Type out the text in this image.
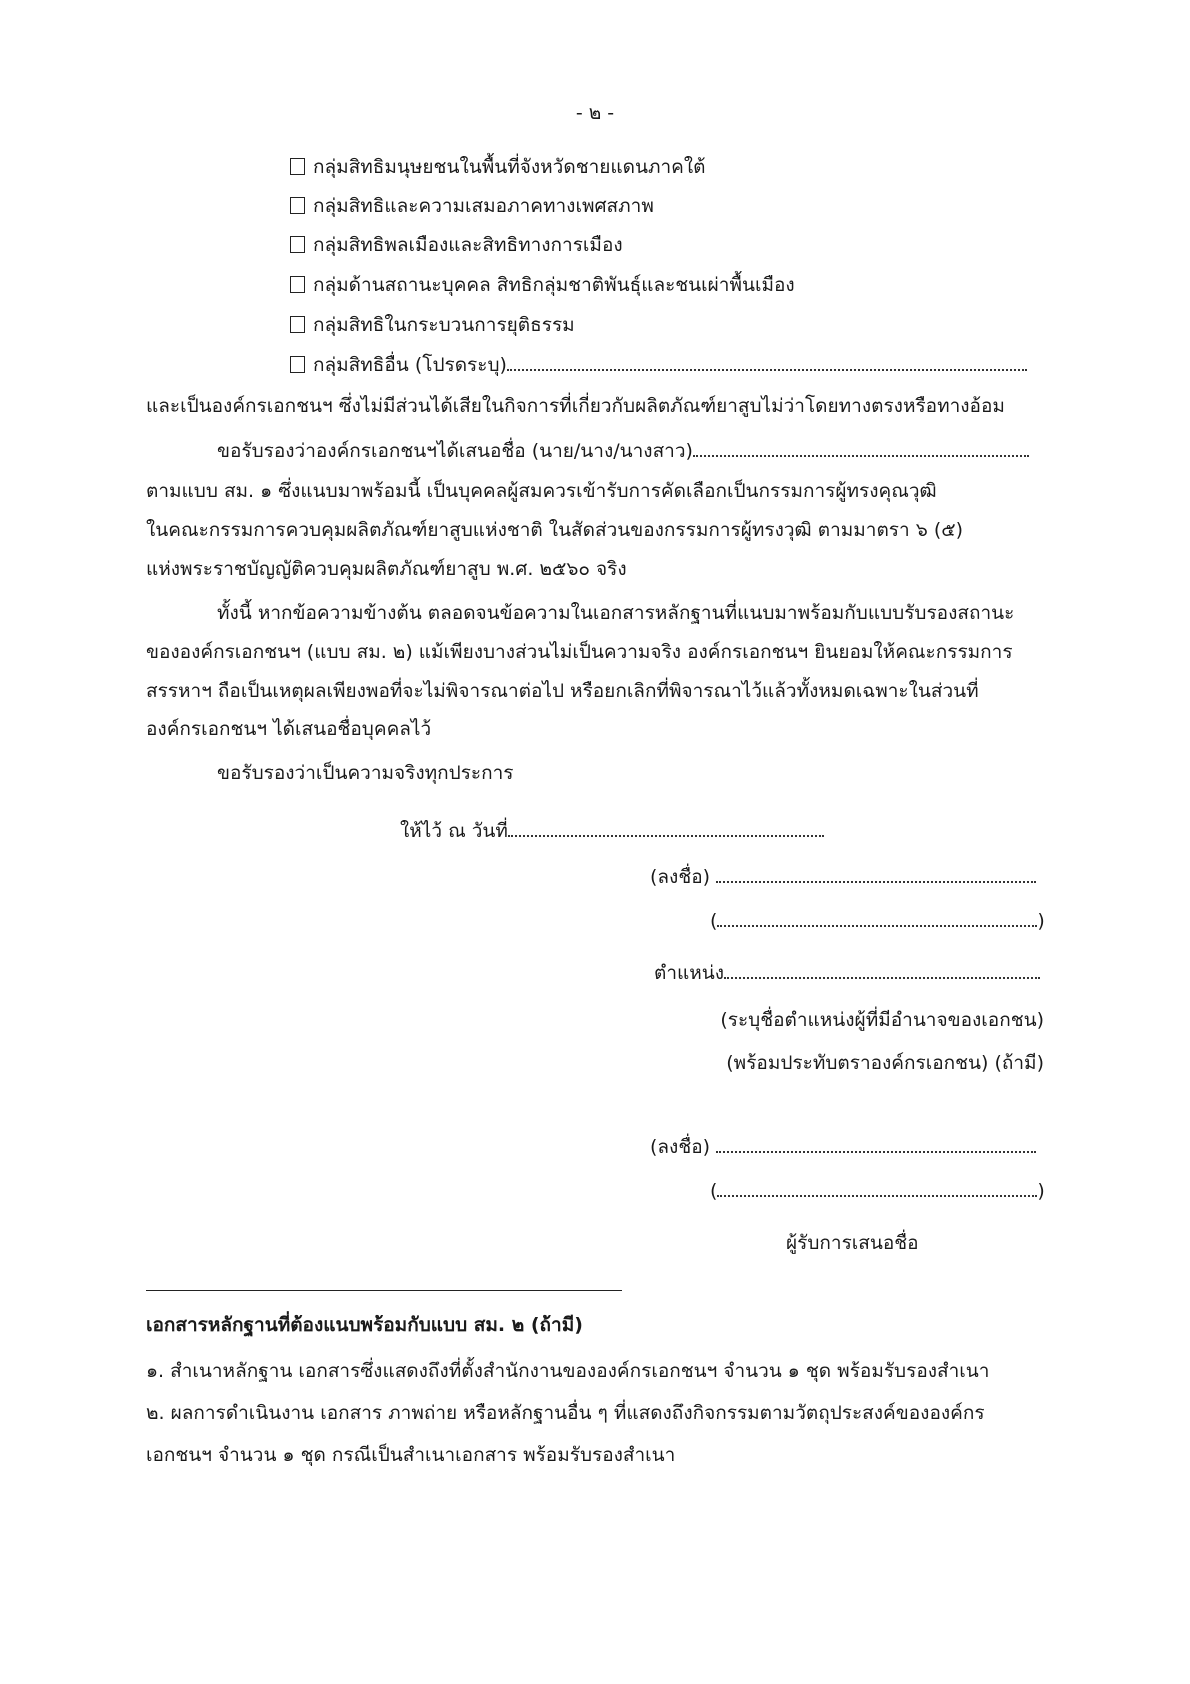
- ๒ -
กลุ่มสิทธิมนุษยชนในพื้นที่จังหวัดชายแดนภาคใต้
กลุ่มสิทธิและความเสมอภาคทางเพศสภาพ
กลุ่มสิทธิพลเมืองและสิทธิทางการเมือง
กลุ่มด้านสถานะบุคคล สิทธิกลุ่มชาติพันธุ์และชนเผ่าพื้นเมือง
กลุ่มสิทธิในกระบวนการยุติธรรม
กลุ่มสิทธิอื่น (โปรดระบุ)
และเป็นองค์กรเอกชนฯ ซึ่งไม่มีส่วนได้เสียในกิจการที่เกี่ยวกับผลิตภัณฑ์ยาสูบไม่ว่าโดยทางตรงหรือทางอ้อม
ขอรับรองว่าองค์กรเอกชนฯได้เสนอชื่อ (นาย/นาง/นางสาว)
ตามแบบ สม. ๑ ซึ่งแนบมาพร้อมนี้ เป็นบุคคลผู้สมควรเข้ารับการคัดเลือกเป็นกรรมการผู้ทรงคุณวุฒิ
ในคณะกรรมการควบคุมผลิตภัณฑ์ยาสูบแห่งชาติ ในสัดส่วนของกรรมการผู้ทรงวุฒิ ตามมาตรา ๖ (๕)
แห่งพระราชบัญญัติควบคุมผลิตภัณฑ์ยาสูบ พ.ศ. ๒๕๖๐ จริง
ทั้งนี้ หากข้อความข้างต้น ตลอดจนข้อความในเอกสารหลักฐานที่แนบมาพร้อมกับแบบรับรองสถานะ
ขององค์กรเอกชนฯ (แบบ สม. ๒) แม้เพียงบางส่วนไม่เป็นความจริง องค์กรเอกชนฯ ยินยอมให้คณะกรรมการ
สรรหาฯ ถือเป็นเหตุผลเพียงพอที่จะไม่พิจารณาต่อไป หรือยกเลิกที่พิจารณาไว้แล้วทั้งหมดเฉพาะในส่วนที่
องค์กรเอกชนฯ ได้เสนอชื่อบุคคลไว้
ขอรับรองว่าเป็นความจริงทุกประการ
ให้ไว้ ณ วันที่
(ลงชื่อ)
(	)
ตำแหน่ง
(ระบุชื่อตำแหน่งผู้ที่มีอำนาจของเอกชน)
(พร้อมประทับตราองค์กรเอกชน) (ถ้ามี)
(ลงชื่อ)
(	)
ผู้รับการเสนอชื่อ
เอกสารหลักฐานที่ต้องแนบพร้อมกับแบบ สม. ๒ (ถ้ามี)
๑. สำเนาหลักฐาน เอกสารซึ่งแสดงถึงที่ตั้งสำนักงานขององค์กรเอกชนฯ จำนวน ๑ ชุด พร้อมรับรองสำเนา
๒. ผลการดำเนินงาน เอกสาร ภาพถ่าย หรือหลักฐานอื่น ๆ ที่แสดงถึงกิจกรรมตามวัตถุประสงค์ขององค์กร
เอกชนฯ จำนวน ๑ ชุด กรณีเป็นสำเนาเอกสาร พร้อมรับรองสำเนา
